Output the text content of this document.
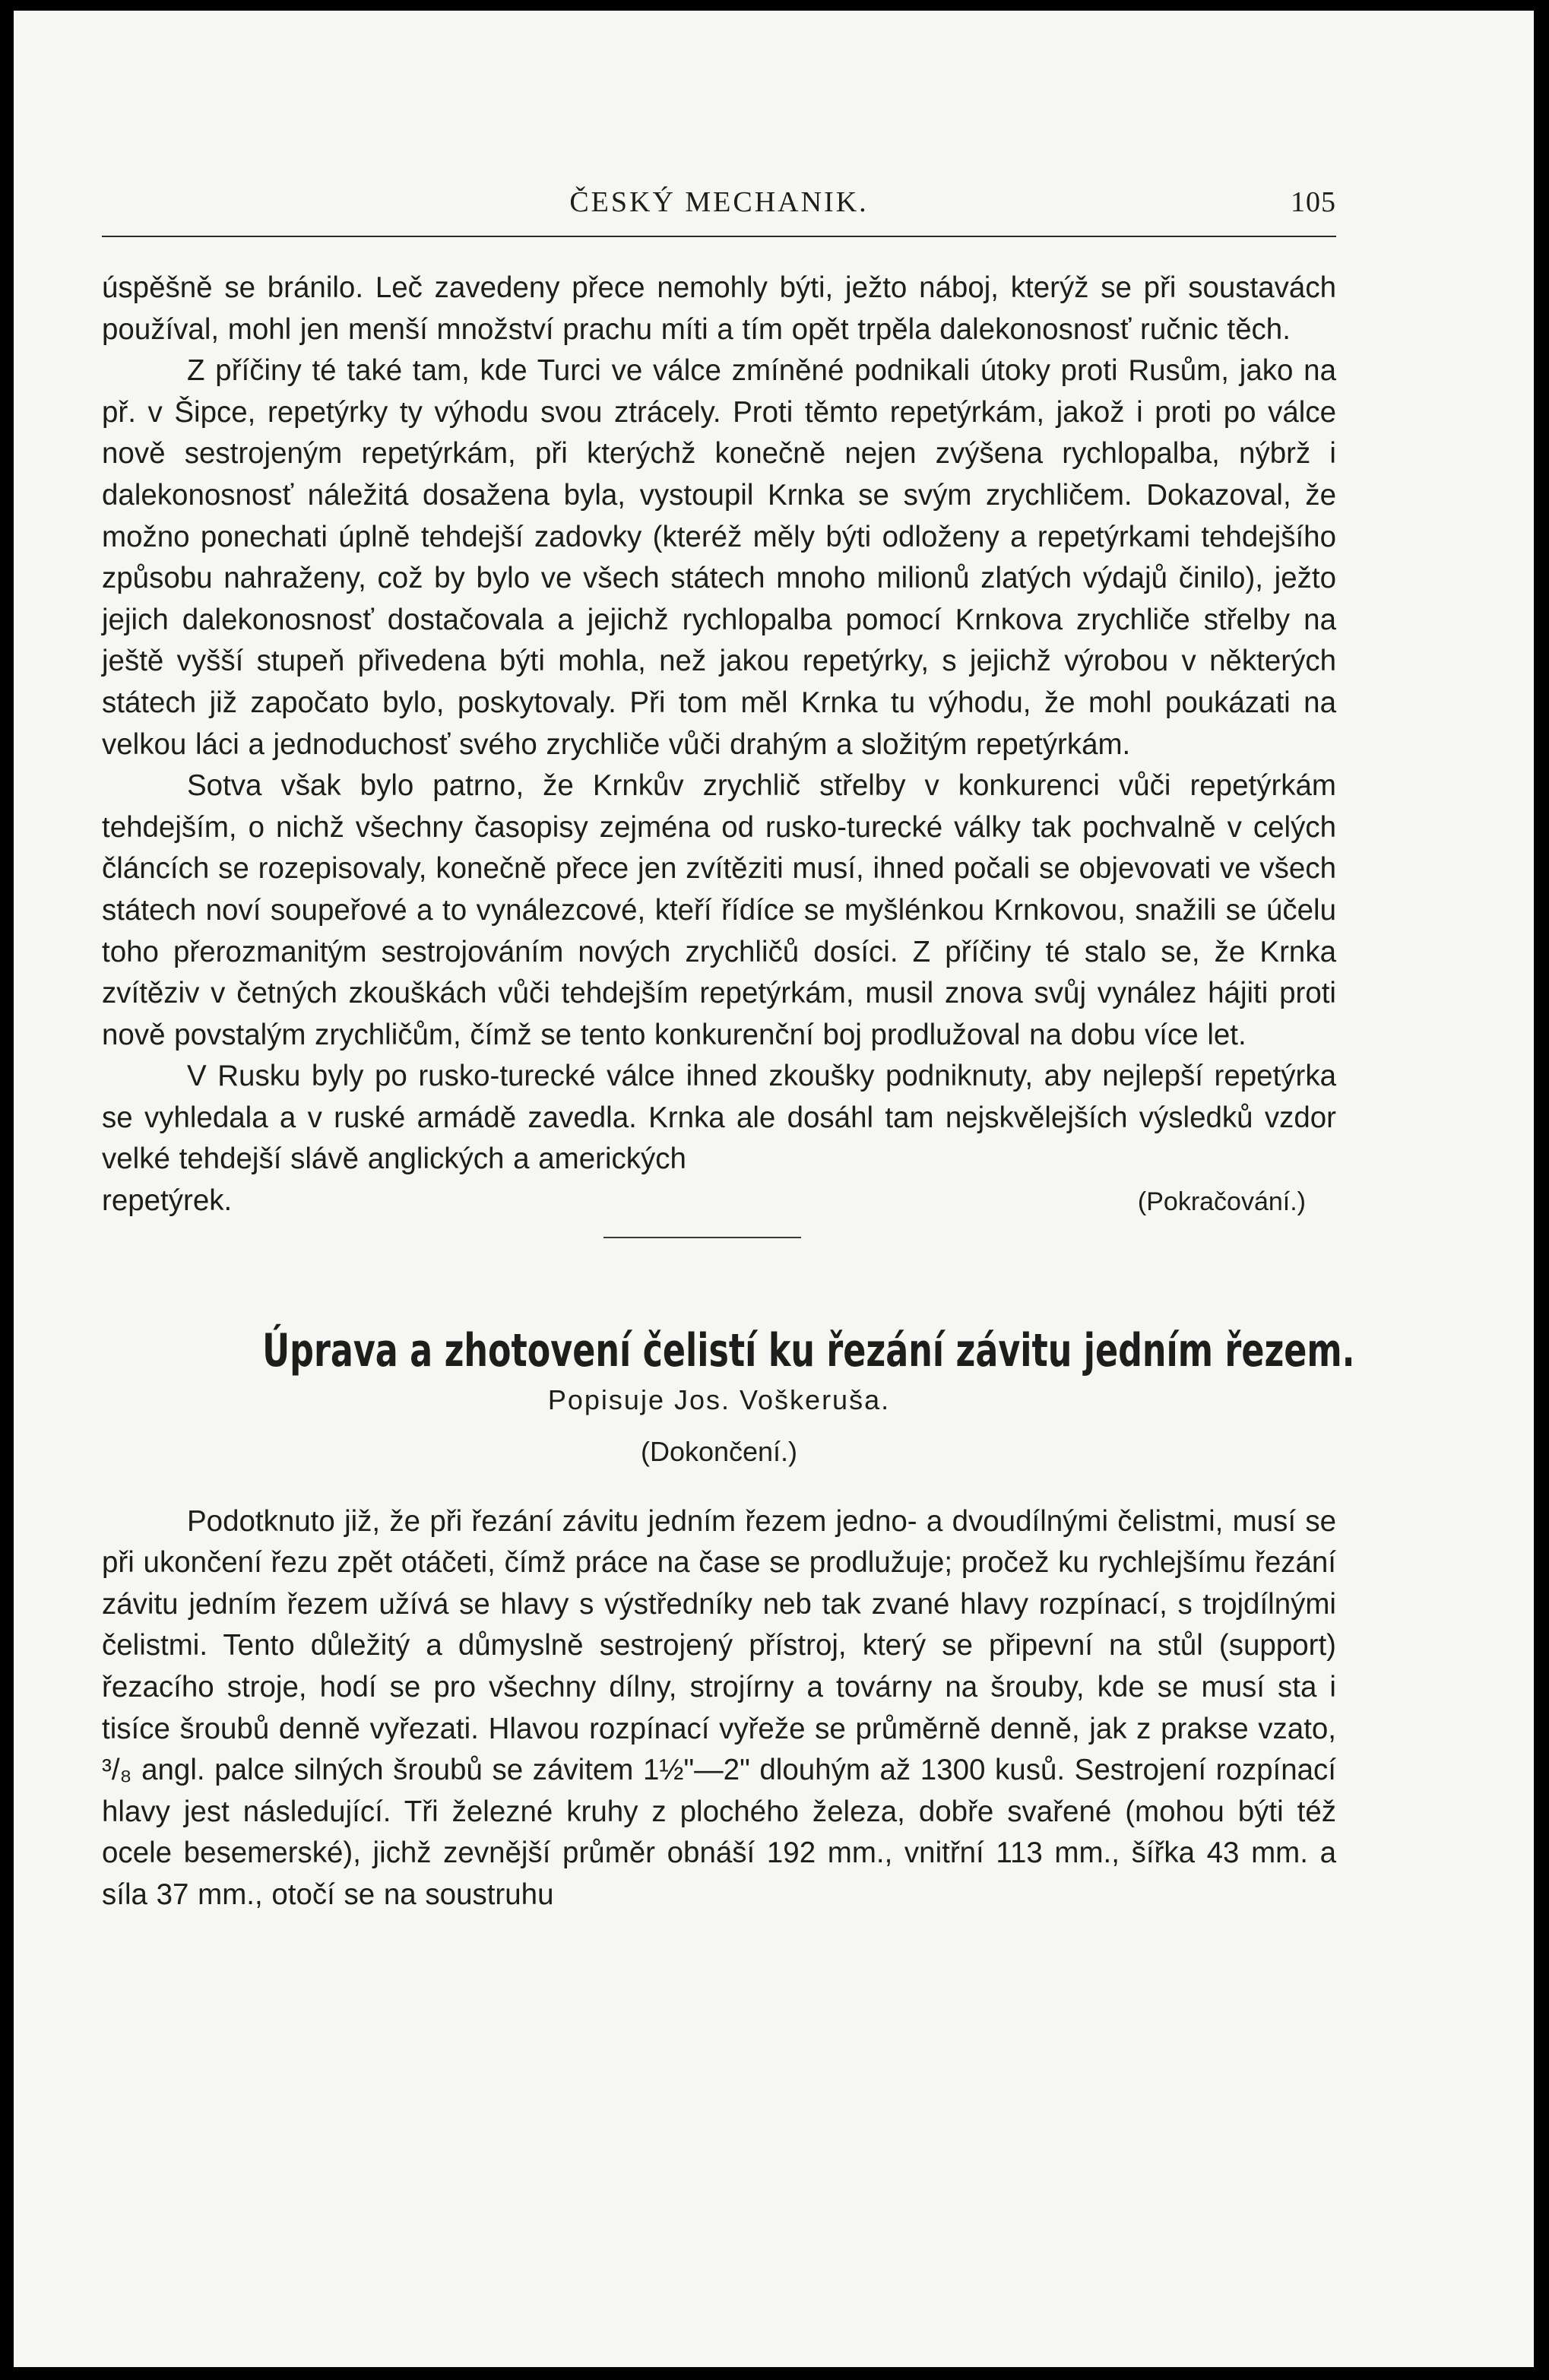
ČESKÝ MECHANIK.	105

úspěšně se bránilo. Leč zavedeny přece nemohly býti, ježto náboj, kterýž se při soustavách používal, mohl jen menší množství prachu míti a tím opět trpěla dalekonosnosť ručnic těch.

Z příčiny té také tam, kde Turci ve válce zmíněné podnikali útoky proti Rusům, jako na př. v Šipce, repetýrky ty výhodu svou ztrácely. Proti těmto repetýrkám, jakož i proti po válce nově sestrojeným repetýrkám, při kterýchž konečně nejen zvýšena rychlopalba, nýbrž i dalekonosnosť náležitá dosažena byla, vystoupil Krnka se svým zrychličem. Dokazoval, že možno ponechati úplně tehdejší zadovky (kteréž měly býti odloženy a repetýrkami tehdejšího způsobu nahraženy, což by bylo ve všech státech mnoho milionů zlatých výdajů činilo), ježto jejich dalekonosnosť dostačovala a jejichž rychlopalba pomocí Krnkova zrychliče střelby na ještě vyšší stupeň přivedena býti mohla, než jakou repetýrky, s jejichž výrobou v některých státech již započato bylo, poskytovaly. Při tom měl Krnka tu výhodu, že mohl poukázati na velkou láci a jednoduchosť svého zrychliče vůči drahým a složitým repetýrkám.

Sotva však bylo patrno, že Krnkův zrychlič střelby v konkurenci vůči repetýrkám tehdejším, o nichž všechny časopisy zejména od rusko-turecké války tak pochvalně v celých článcích se rozepisovaly, konečně přece jen zvítěziti musí, ihned počali se objevovati ve všech státech noví soupeřové a to vynálezcové, kteří řídíce se myšlénkou Krnkovou, snažili se účelu toho přerozmanitým sestrojováním nových zrychličů dosíci. Z příčiny té stalo se, že Krnka zvítěziv v četných zkouškách vůči tehdejším repetýrkám, musil znova svůj vynález hájiti proti nově povstalým zrychličům, čímž se tento konkurenční boj prodlužoval na dobu více let.

V Rusku byly po rusko-turecké válce ihned zkoušky podniknuty, aby nejlepší repetýrka se vyhledala a v ruské armádě zavedla. Krnka ale dosáhl tam nejskvělejších výsledků vzdor velké tehdejší slávě anglických a amerických

repetýrek.	(Pokračování.)
Úprava a zhotovení čelistí ku řezání závitu jedním řezem.
Popisuje Jos. Voškeruša.
(Dokončení.)

Podotknuto již, že při řezání závitu jedním řezem jedno- a dvoudílnými čelistmi, musí se při ukončení řezu zpět otáčeti, čímž práce na čase se prodlužuje; pročež ku rychlejšímu řezání závitu jedním řezem užívá se hlavy s výstředníky neb tak zvané hlavy rozpínací, s trojdílnými čelistmi. Tento důležitý a důmyslně sestrojený přístroj, který se připevní na stůl (support) řezacího stroje, hodí se pro všechny dílny, strojírny a továrny na šrouby, kde se musí sta i tisíce šroubů denně vyřezati. Hlavou rozpínací vyřeže se průměrně denně, jak z prakse vzato, ³/₈ angl. palce silných šroubů se závitem 1½"—2" dlouhým až 1300 kusů. Sestrojení rozpínací hlavy jest následující. Tři železné kruhy z plochého železa, dobře svařené (mohou býti též ocele besemerské), jichž zevnější průměr obnáší 192 mm., vnitřní 113 mm., šířka 43 mm. a síla 37 mm., otočí se na soustruhu
